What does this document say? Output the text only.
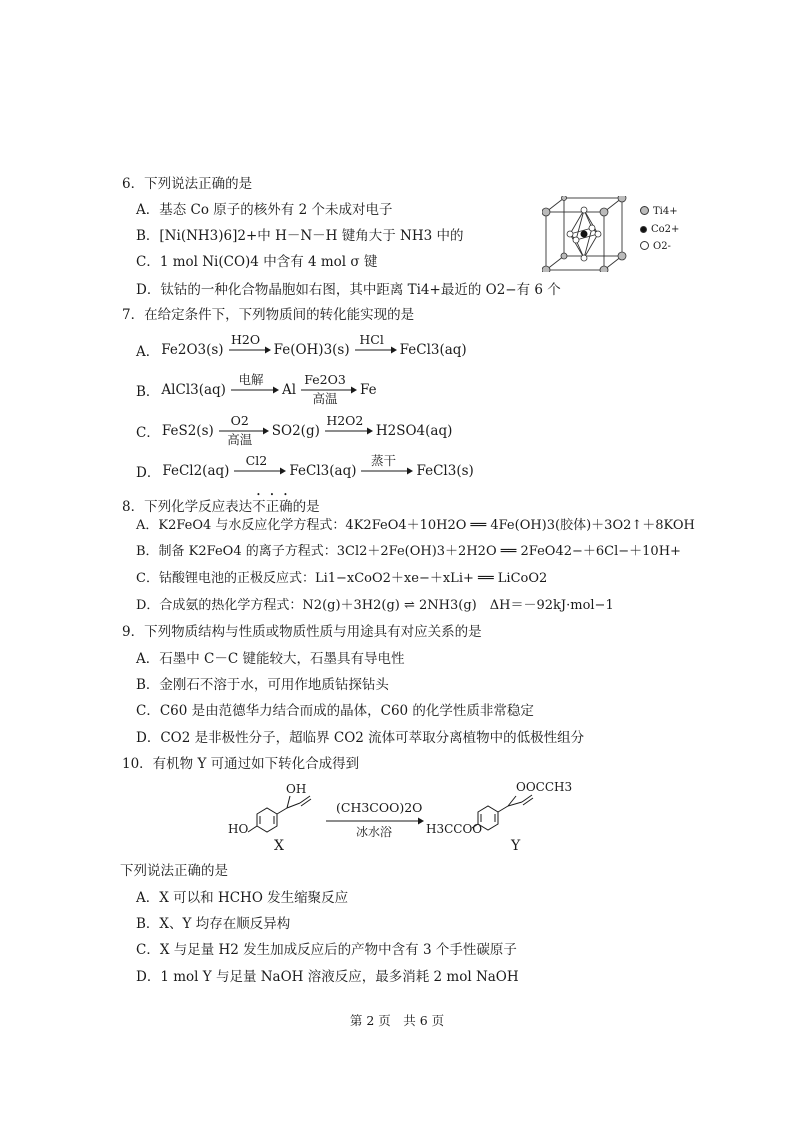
6．下列说法正确的是
A．基态 Co 原子的核外有 2 个未成对电子
B．[Ni(NH3)6]2+中 H－N－H 键角大于 NH3 中的
C．1 mol Ni(CO)4 中含有 4 mol σ 键
D．钛钴的一种化合物晶胞如右图，其中距离 Ti4+最近的 O2−有 6 个
Ti4+
Co2+
O2-
7．在给定条件下，下列物质间的转化能实现的是
A． Fe2O3(s)
H2O
Fe(OH)3(s)
HCl
FeCl3(aq)
B． AlCl3(aq)
电解
Al
Fe2O3
高温
Fe
C． FeS2(s)
O2
高温
SO2(g)
H2O2
H2SO4(aq)
D． FeCl2(aq)
Cl2
FeCl3(aq)
蒸干
FeCl3(s)
8．下列化学反应表达不正确的是
A．K2FeO4 与水反应化学方程式：4K2FeO4＋10H2O ══ 4Fe(OH)3(胶体)＋3O2↑＋8KOH
B．制备 K2FeO4 的离子方程式：3Cl2＋2Fe(OH)3＋2H2O ══ 2FeO42−＋6Cl−＋10H+
C．钴酸锂电池的正极反应式：Li1−xCoO2＋xe−＋xLi+ ══ LiCoO2
D．合成氨的热化学方程式：N2(g)＋3H2(g) ⇌ 2NH3(g)　ΔH＝－92kJ·mol−1
9．下列物质结构与性质或物质性质与用途具有对应关系的是
A．石墨中 C－C 键能较大，石墨具有导电性
B．金刚石不溶于水，可用作地质钻探钻头
C．C60 是由范德华力结合而成的晶体，C60 的化学性质非常稳定
D．CO2 是非极性分子，超临界 CO2 流体可萃取分离植物中的低极性组分
10．有机物 Y 可通过如下转化合成得到
OH
HO
X
(CH3COO)2O
冰水浴
OOCCH3
H3CCOO
Y
下列说法正确的是
A．X 可以和 HCHO 发生缩聚反应
B．X、Y 均存在顺反异构
C．X 与足量 H2 发生加成反应后的产物中含有 3 个手性碳原子
D．1 mol Y 与足量 NaOH 溶液反应，最多消耗 2 mol NaOH
第 2 页　共 6 页
